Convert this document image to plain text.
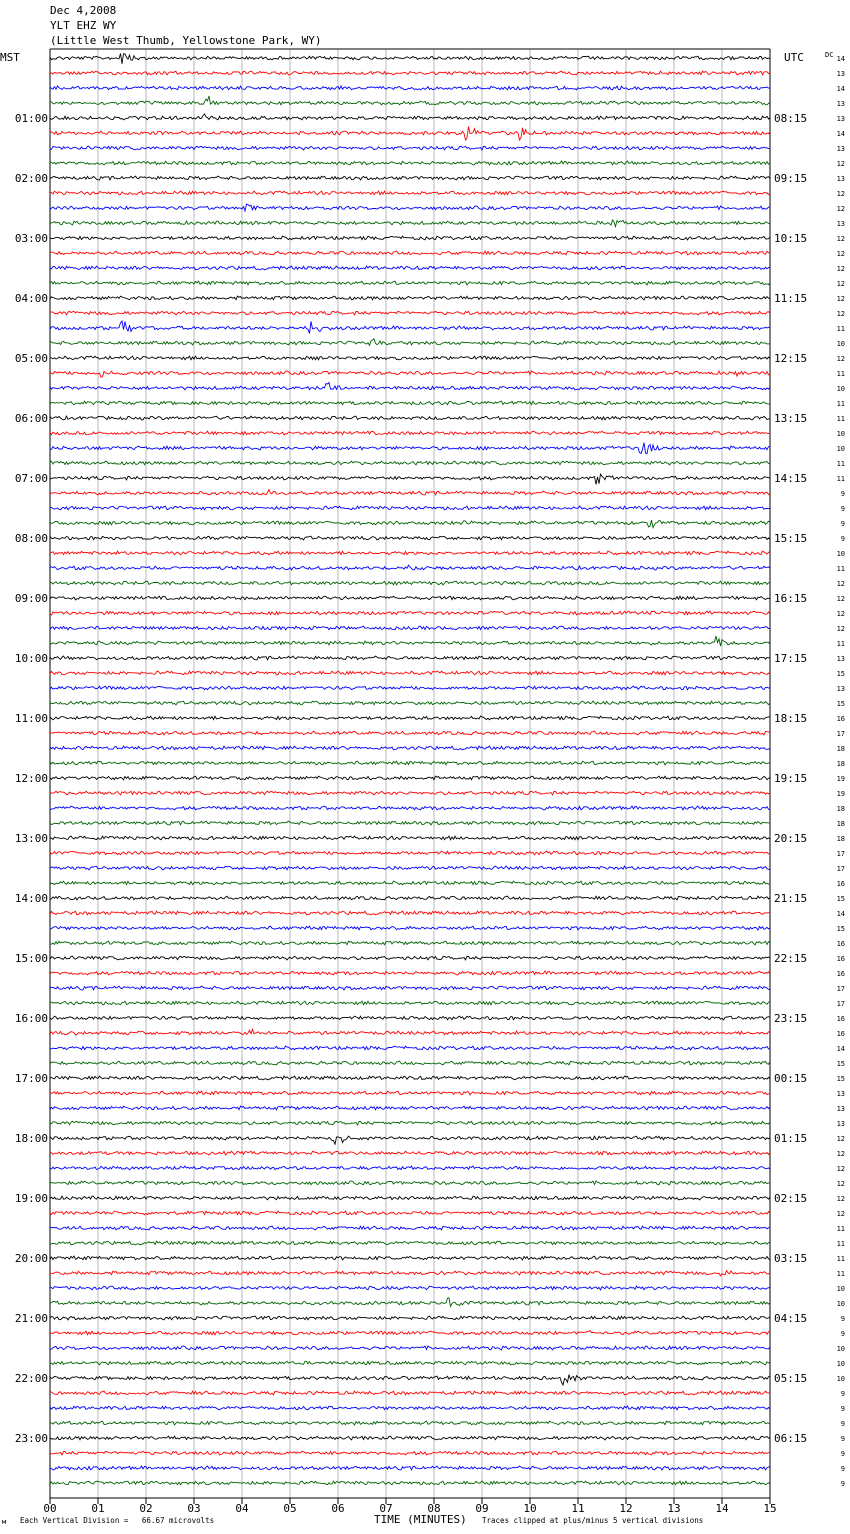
01:00
02:00
03:00
04:00
05:00
06:00
07:00
08:00
09:00
10:00
11:00
12:00
13:00
14:00
15:00
16:00
17:00
18:00
19:00
20:00
21:00
22:00
23:00
08:15
09:15
10:15
11:15
12:15
13:15
14:15
15:15
16:15
17:15
18:15
19:15
20:15
21:15
22:15
23:15
00:15
01:15
02:15
03:15
04:15
05:15
06:15
14
13
14
13
13
14
13
12
13
12
12
13
12
12
12
12
12
12
11
10
12
11
10
11
11
10
10
11
11
9
9
9
9
10
11
12
12
12
12
11
13
15
13
15
16
17
18
18
19
19
18
18
18
17
17
16
15
14
15
16
16
16
17
17
16
16
14
15
15
13
13
13
12
12
12
12
12
12
11
11
11
11
10
10
9
9
10
10
10
9
9
9
9
9
9
9
00	01	02	03	04	05	06	07	08	09	10	11	12	13	14	15
MST	UTC	DC
TIME (MINUTES)
м Each Vertical Division =   66.67 microvolts	Traces clipped at plus/minus 5 vertical divisions
Dec 4,2008
YLT EHZ WY
(Little West Thumb, Yellowstone Park, WY)
